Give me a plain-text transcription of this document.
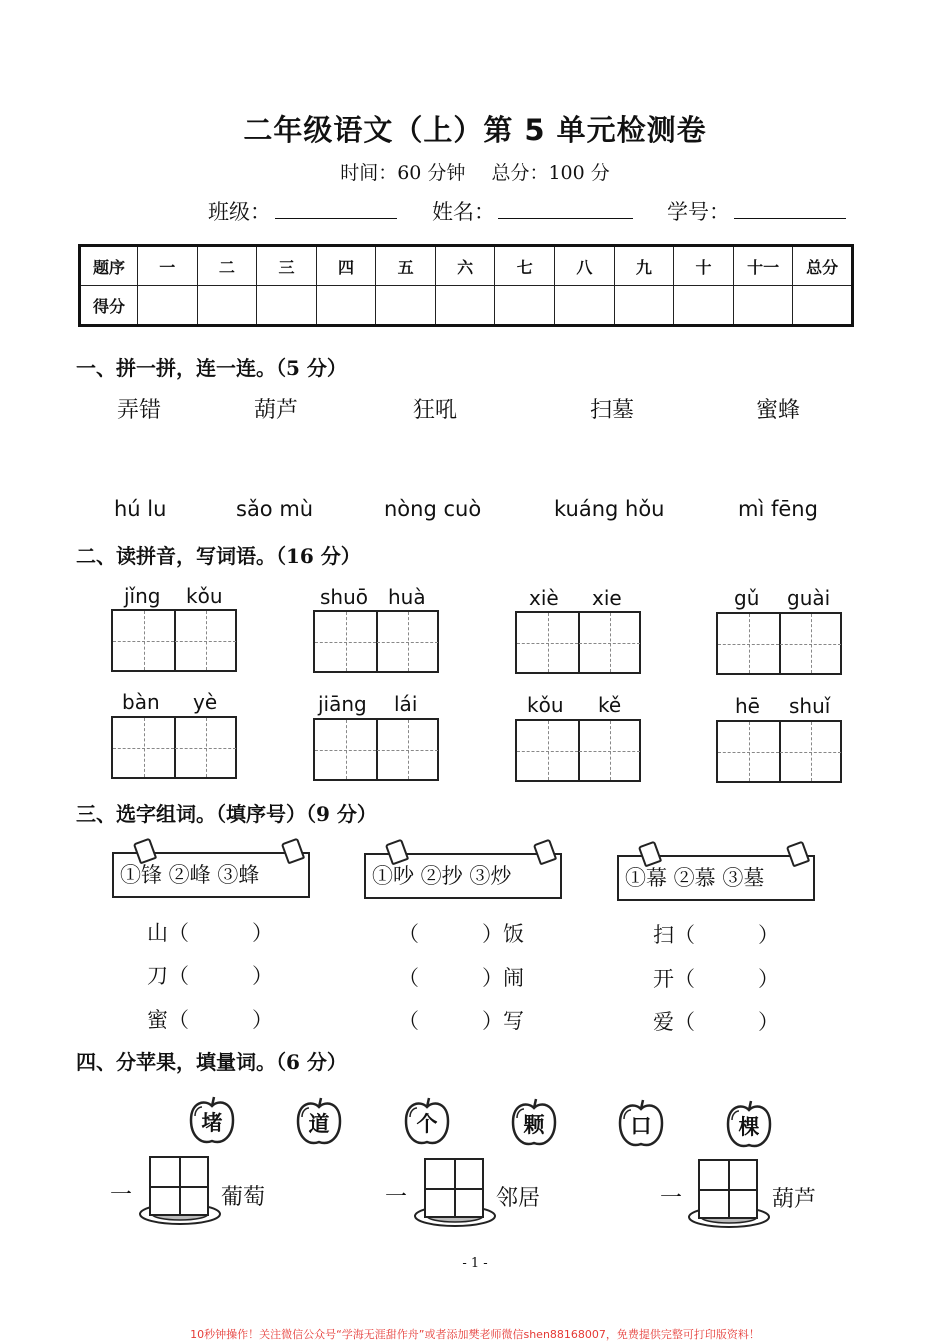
二年级语文（上）第 5 单元检测卷
时间：60 分钟 总分：100 分
班级：	姓名：	学号：
题序	一	二	三	四	五	六	七	八	九	十	十一	总分
得分												
一、拼一拼，连一连。（5 分）
弄错	葫芦	狂吼	扫墓	蜜蜂
hú lu	sǎo mù	nòng cuò	kuáng hǒu	mì fēng
二、读拼音，写词语。（16 分）
jǐng kǒu	shuō huà	xiè xie	gǔ guài
bàn yè	jiāng lái	kǒu kě	hē shuǐ
三、选字组词。（填序号）（9 分）
①锋 ②峰 ③蜂	①吵 ②抄 ③炒	①幕 ②慕 ③墓
山（　　　）
刀（　　　）
蜜（　　　）
（　　　）饭
（　　　）闹
（　　　）写
扫（　　　）
开（　　　）
爱（　　　）
四、分苹果，填量词。（6 分）
堵	道	个	颗	口	棵
一	葡萄	一	邻居	一	葫芦
- 1 -
10秒钟操作！关注微信公众号“学海无涯甜作舟”或者添加樊老师微信shen88168007，免费提供完整可打印版资料！
